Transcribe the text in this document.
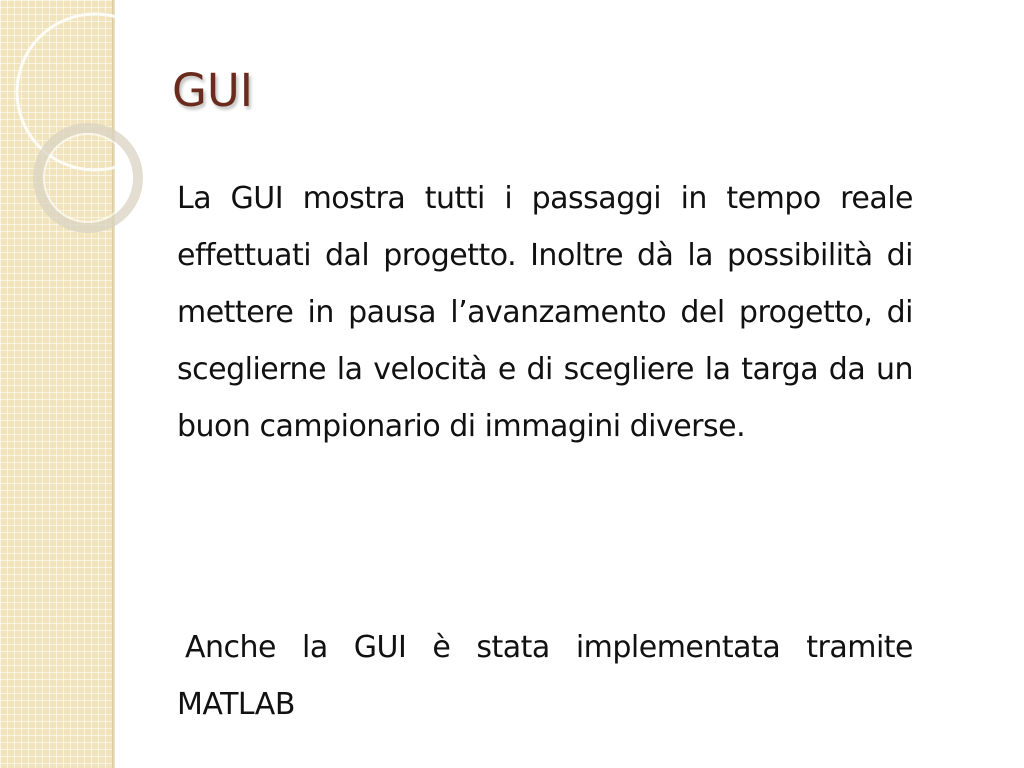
GUI

La GUI mostra tutti i passaggi in tempo reale effettuati dal progetto. Inoltre dà la possibilità di mettere in pausa l’avanzamento del progetto, di sceglierne la velocità e di scegliere la targa da un buon campionario di immagini diverse.

Anche la GUI è stata implementata tramite MATLAB
